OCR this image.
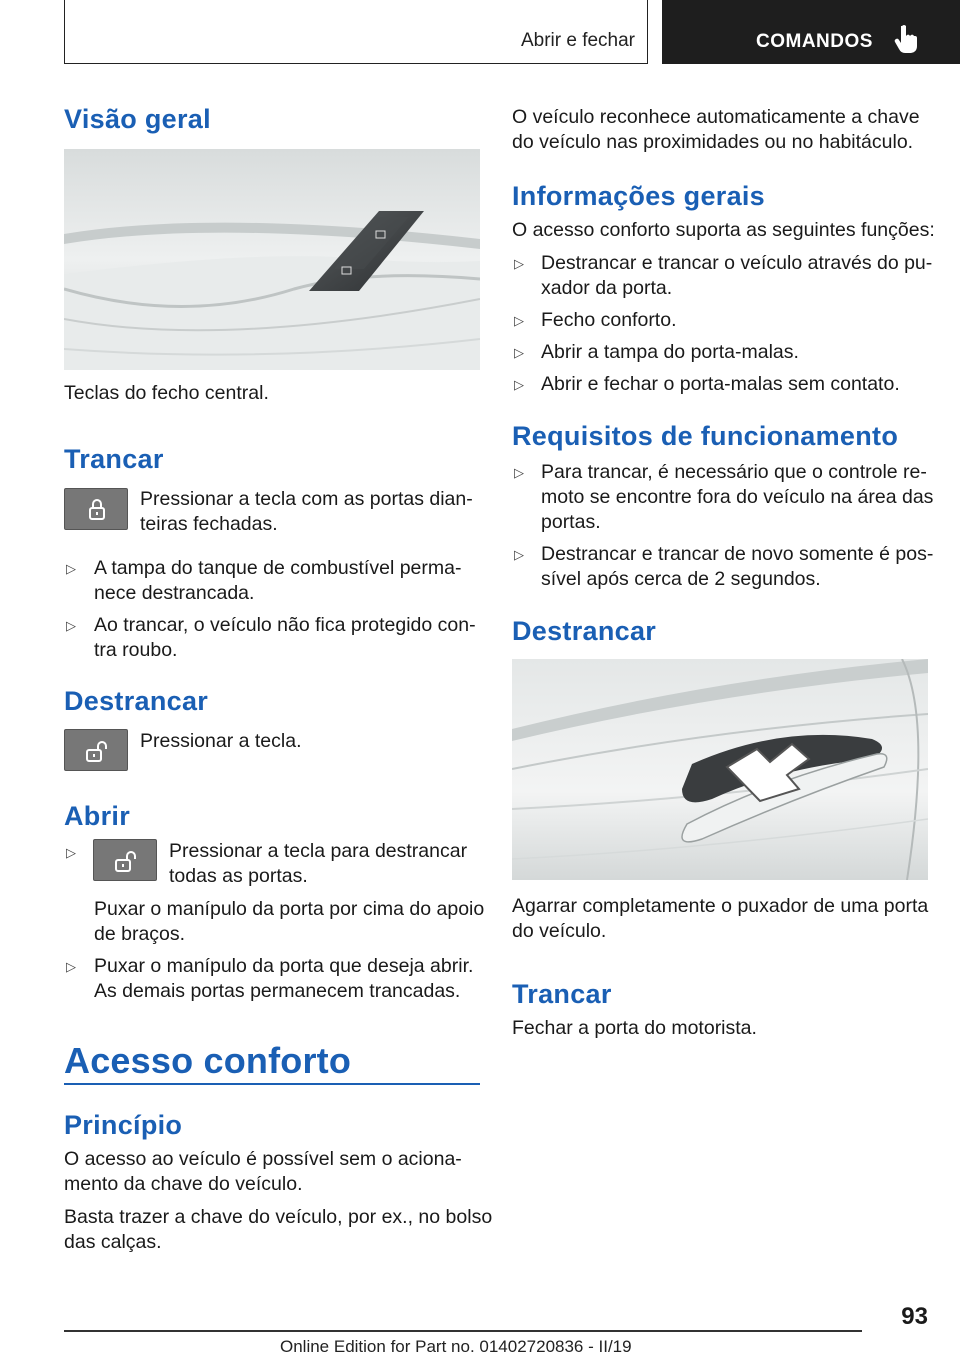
Abrir e fechar	COMANDOS
Visão geral

Teclas do fecho central.

Trancar

Pressionar a tecla com as portas dian-

teiras fechadas.

▷ A tampa do tanque de combustível perma-

nece destrancada.

▷ Ao trancar, o veículo não fica protegido con-

tra roubo.

Destrancar

Pressionar a tecla.

Abrir
▷	Pressionar a tecla para destrancar

todas as portas.

Puxar o manípulo da porta por cima do apoio

de braços.

▷ Puxar o manípulo da porta que deseja abrir.

As demais portas permanecem trancadas.

Acesso conforto
Princípio

O acesso ao veículo é possível sem o aciona-

mento da chave do veículo.

Basta trazer a chave do veículo, por ex., no bolso

das calças.

O veículo reconhece automaticamente a chave

do veículo nas proximidades ou no habitáculo.

Informações gerais

O acesso conforto suporta as seguintes funções:

▷ Destrancar e trancar o veículo através do pu-

xador da porta.

▷ Fecho conforto.

▷ Abrir a tampa do porta-malas.

▷ Abrir e fechar o porta-malas sem contato.

Requisitos de funcionamento
▷ Para trancar, é necessário que o controle re-

moto se encontre fora do veículo na área das

portas.

▷ Destrancar e trancar de novo somente é pos-

sível após cerca de 2 segundos.

Destrancar

Agarrar completamente o puxador de uma porta

do veículo.

Trancar

Fechar a porta do motorista.

93
Online Edition for Part no. 01402720836 - II/19
